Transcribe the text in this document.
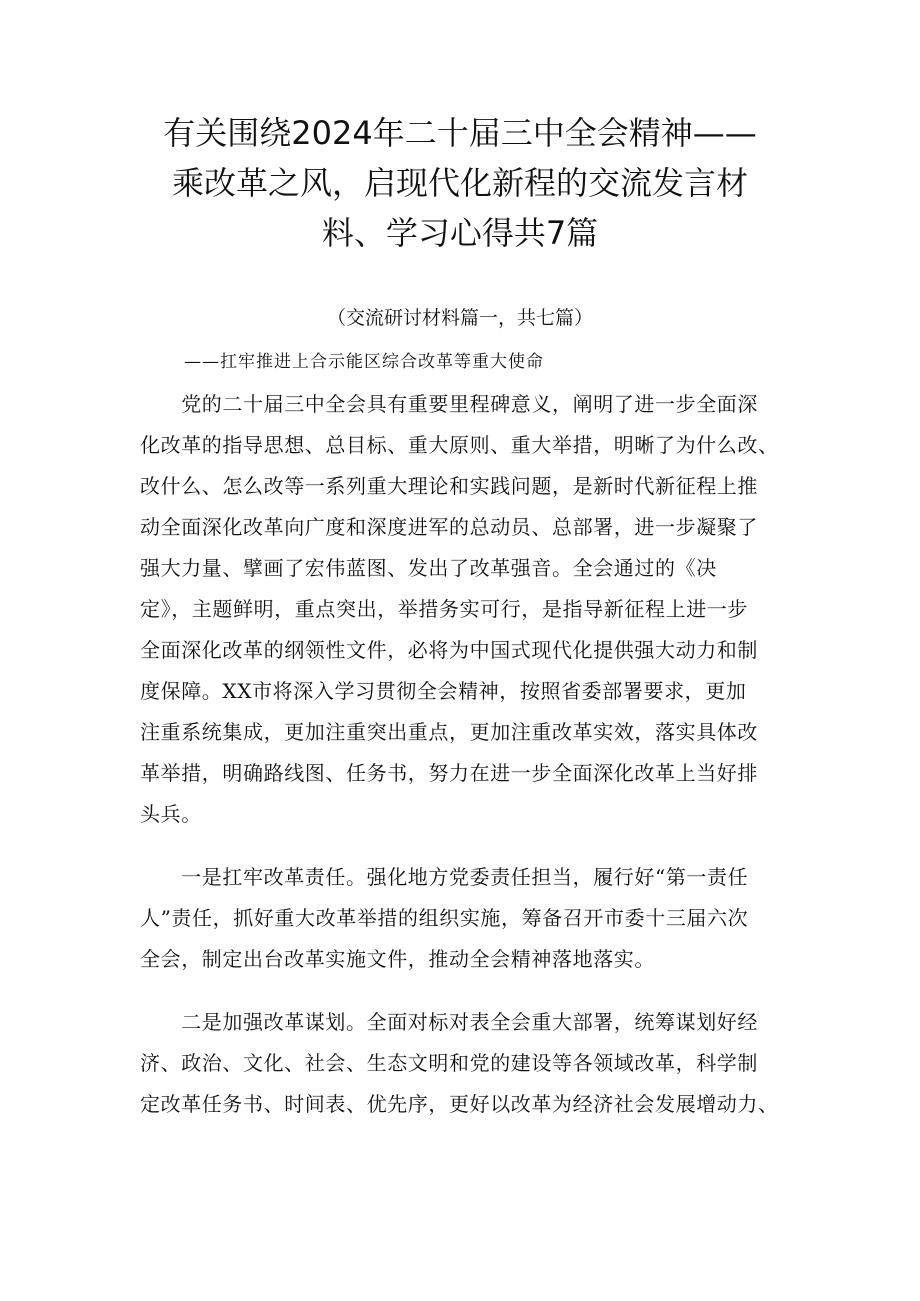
有关围绕2024年二十届三中全会精神——
乘改革之风，启现代化新程的交流发言材
料、学习心得共7篇
（交流研讨材料篇一，共七篇）
——扛牢推进上合示能区综合改革等重大使命
　　党的二十届三中全会具有重要里程碑意义，阐明了进一步全面深
化改革的指导思想、总目标、重大原则、重大举措，明晰了为什么改、
改什么、怎么改等一系列重大理论和实践问题，是新时代新征程上推
动全面深化改革向广度和深度进军的总动员、总部署，进一步凝聚了
强大力量、擘画了宏伟蓝图、发出了改革强音。全会通过的《决
定》，主题鲜明，重点突出，举措务实可行，是指导新征程上进一步
全面深化改革的纲领性文件，必将为中国式现代化提供强大动力和制
度保障。XX市将深入学习贯彻全会精神，按照省委部署要求，更加
注重系统集成，更加注重突出重点，更加注重改革实效，落实具体改
革举措，明确路线图、任务书，努力在进一步全面深化改革上当好排
头兵。
　　一是扛牢改革责任。强化地方党委责任担当，履行好“第一责任
人”责任，抓好重大改革举措的组织实施，筹备召开市委十三届六次
全会，制定出台改革实施文件，推动全会精神落地落实。
　　二是加强改革谋划。全面对标对表全会重大部署，统筹谋划好经
济、政治、文化、社会、生态文明和党的建设等各领域改革，科学制
定改革任务书、时间表、优先序，更好以改革为经济社会发展增动力、
